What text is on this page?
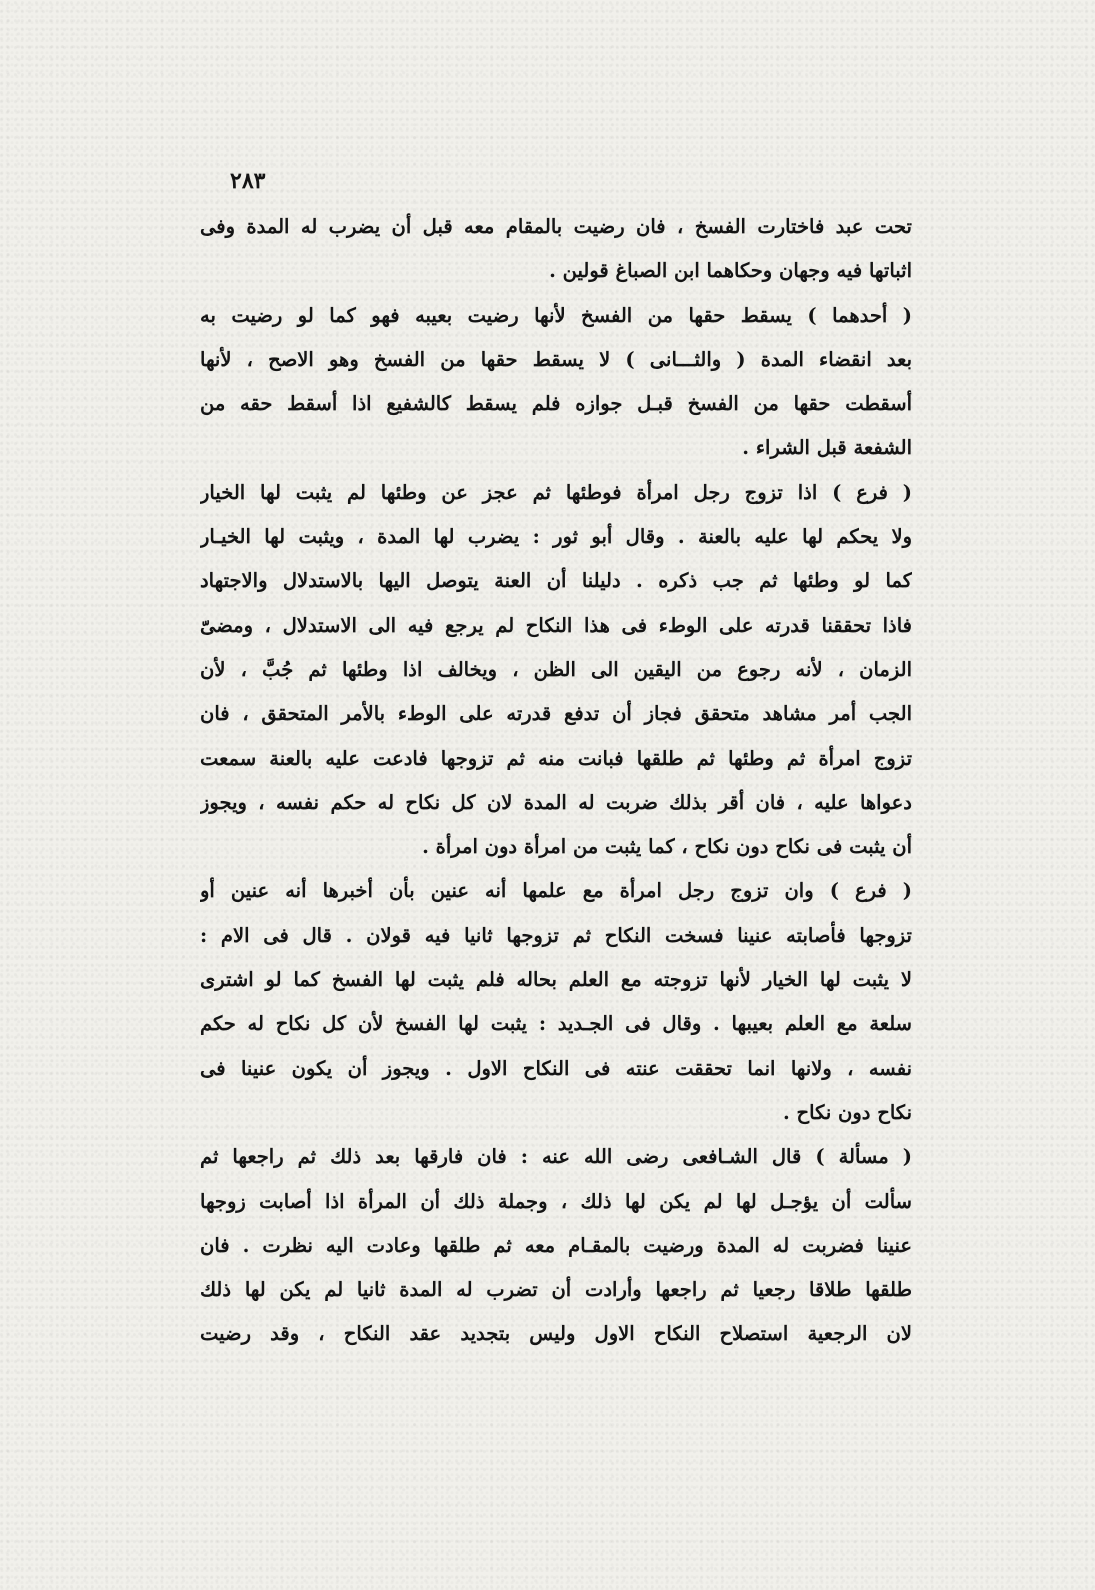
٢٨٣
تحت عبد فاختارت الفسخ ، فان رضيت بالمقام معه قبل أن يضرب له المدة وفى
اثباتها فيه وجهان وحكاهما ابن الصباغ قولين .
( أحدهما ) يسقط حقها من الفسخ لأنها رضيت بعيبه فهو كما لو رضيت به
بعد انقضاء المدة ( والثـــانى ) لا يسقط حقها من الفسخ وهو الاصح ، لأنها
أسقطت حقها من الفسخ قبـل جوازه فلم يسقط كالشفيع اذا أسقط حقه من
الشفعة قبل الشراء .
( فرع ) اذا تزوج رجل امرأة فوطئها ثم عجز عن وطئها لم يثبت لها الخيار
ولا يحكم لها عليه بالعنة . وقال أبو ثور : يضرب لها المدة ، ويثبت لها الخيـار
كما لو وطئها ثم جب ذكره . دليلنا أن العنة يتوصل اليها بالاستدلال والاجتهاد
فاذا تحققنا قدرته على الوطء فى هذا النكاح لم يرجع فيه الى الاستدلال ، ومضىّ
الزمان ، لأنه رجوع من اليقين الى الظن ، ويخالف اذا وطئها ثم جُبَّ ، لأن
الجب أمر مشاهد متحقق فجاز أن تدفع قدرته على الوطء بالأمر المتحقق ، فان
تزوج امرأة ثم وطئها ثم طلقها فبانت منه ثم تزوجها فادعت عليه بالعنة سمعت
دعواها عليه ، فان أقر بذلك ضربت له المدة لان كل نكاح له حكم نفسه ، ويجوز
أن يثبت فى نكاح دون نكاح ، كما يثبت من امرأة دون امرأة .
( فرع ) وان تزوج رجل امرأة مع علمها أنه عنين بأن أخبرها أنه عنين أو
تزوجها فأصابته عنينا فسخت النكاح ثم تزوجها ثانيا فيه قولان . قال فى الام :
لا يثبت لها الخيار لأنها تزوجته مع العلم بحاله فلم يثبت لها الفسخ كما لو اشترى
سلعة مع العلم بعيبها . وقال فى الجـديد : يثبت لها الفسخ لأن كل نكاح له حكم
نفسه ، ولانها انما تحققت عنته فى النكاح الاول . ويجوز أن يكون عنينا فى
نكاح دون نكاح .
( مسألة ) قال الشـافعى رضى الله عنه : فان فارقها بعد ذلك ثم راجعها ثم
سألت أن يؤجـل لها لم يكن لها ذلك ، وجملة ذلك أن المرأة اذا أصابت زوجها
عنينا فضربت له المدة ورضيت بالمقـام معه ثم طلقها وعادت اليه نظرت . فان
طلقها طلاقا رجعيا ثم راجعها وأرادت أن تضرب له المدة ثانيا لم يكن لها ذلك
لان الرجعية استصلاح النكاح الاول وليس بتجديد عقد النكاح ، وقد رضيت
